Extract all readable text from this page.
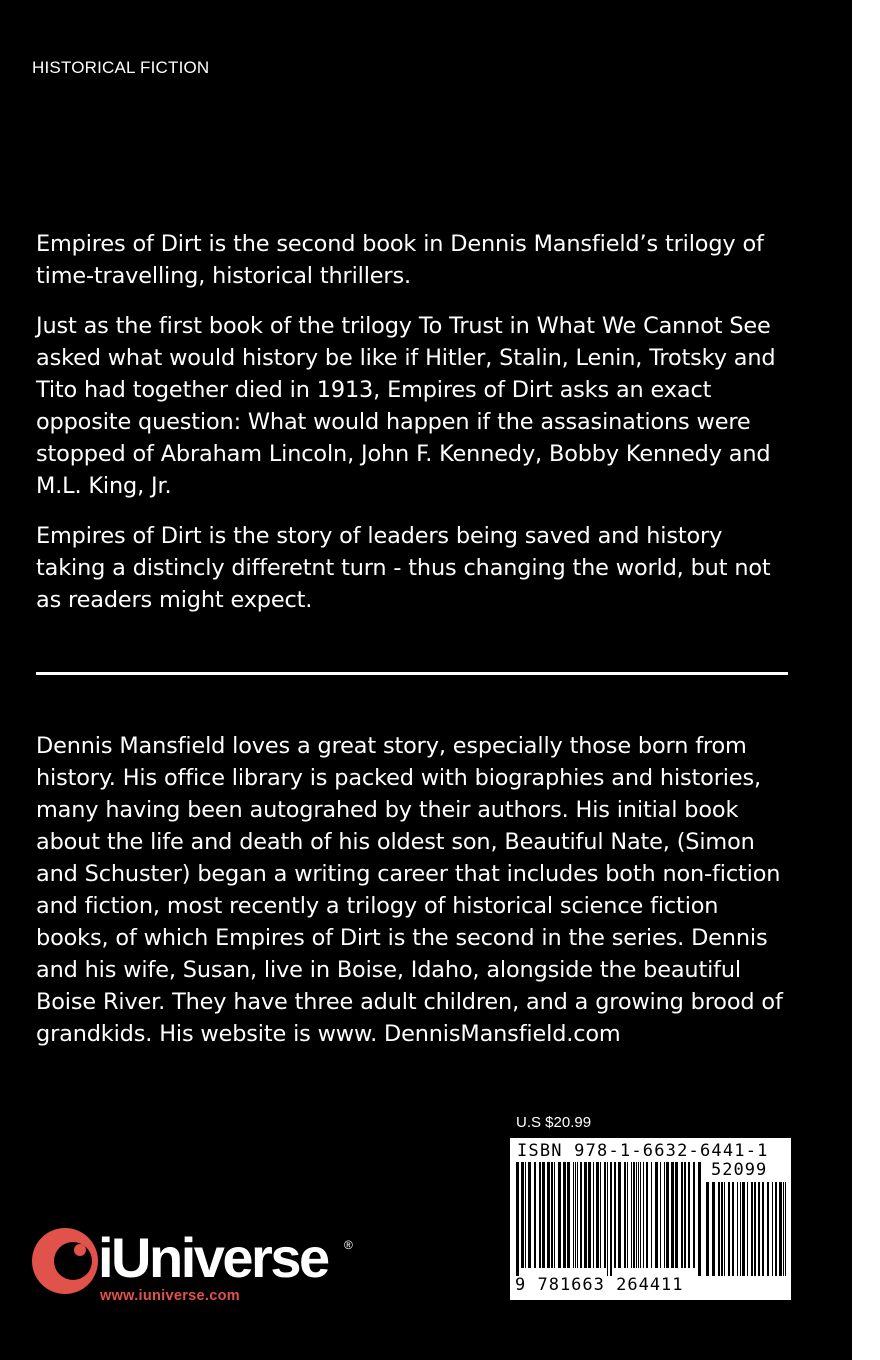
HISTORICAL FICTION

Empires of Dirt is the second book in Dennis Mansfield’s trilogy of time-travelling, historical thrillers.

Just as the first book of the trilogy To Trust in What We Cannot See asked what would history be like if Hitler, Stalin, Lenin, Trotsky and Tito had together died in 1913, Empires of Dirt asks an exact opposite question: What would happen if the assasinations were stopped of Abraham Lincoln, John F. Kennedy, Bobby Kennedy and M.L. King, Jr.

Empires of Dirt is the story of leaders being saved and history taking a distincly differetnt turn - thus changing the world, but not as readers might expect.

Dennis Mansfield loves a great story, especially those born from history. His office library is packed with biographies and histories, many having been autograhed by their authors. His initial book about the life and death of his oldest son, Beautiful Nate, (Simon and Schuster) began a writing career that includes both non-fiction and fiction, most recently a trilogy of historical science fiction books, of which Empires of Dirt is the second in the series. Dennis and his wife, Susan, live in Boise, Idaho, alongside the beautiful Boise River. They have three adult children, and a growing brood of grandkids. His website is www. DennisMansfield.com

U.S $20.99
ISBN 978-1-6632-6441-1
52099
9 781663 264411
iUniverse ®
www.iuniverse.com
